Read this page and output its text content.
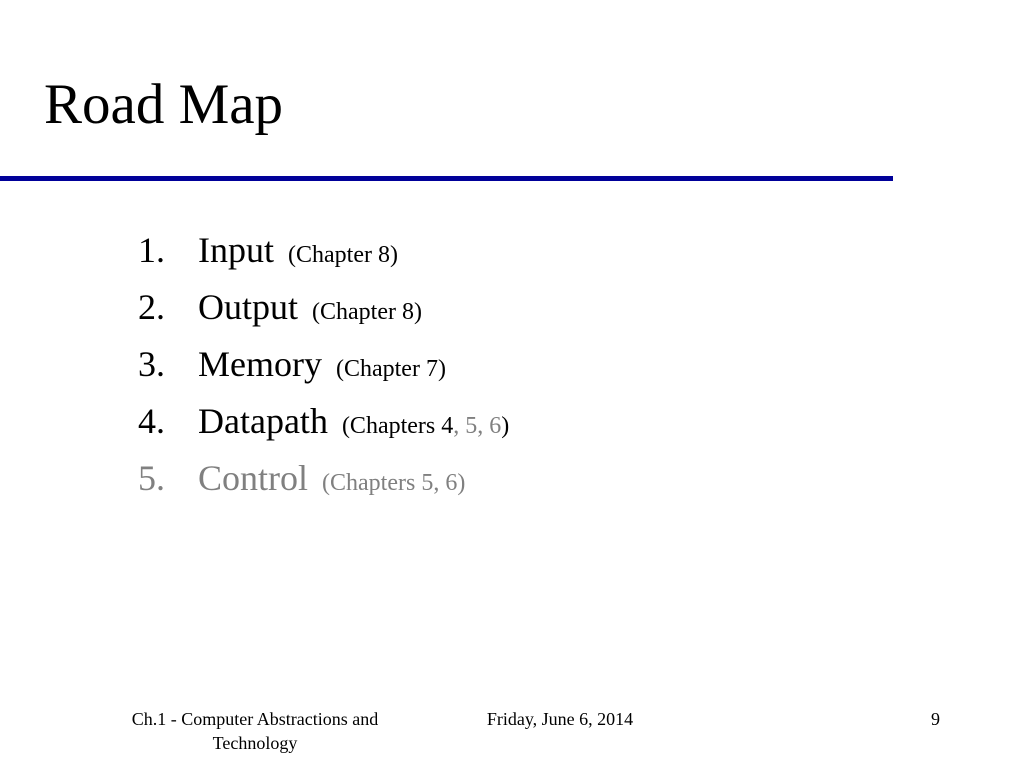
Road Map
1. Input (Chapter 8)
2. Output (Chapter 8)
3. Memory (Chapter 7)
4. Datapath (Chapters 4, 5, 6)
5. Control (Chapters 5, 6)
Ch.1 - Computer Abstractions and Technology
Friday, June 6, 2014	9
